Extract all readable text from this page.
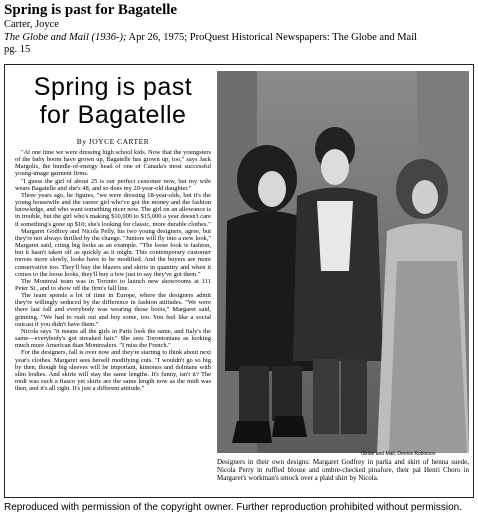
Spring is past for Bagatelle
Carter, Joyce
The Globe and Mail (1936-); Apr 26, 1975; ProQuest Historical Newspapers: The Globe and Mail
pg. 15
Spring is past
for Bagatelle
By JOYCE CARTER

"At one time we were dressing high school kids. Now that the youngsters of the baby boom have grown up, Bagatelle has grown up, too," says Jack Margolis, the bundle-of-energy head of one of Canada's most successful young-image garment firms.

"I guess the girl of about 25 is our perfect customer now, but my wife wears Bagatelle and she's 48, and so does my 20-year-old daughter."

Three years ago, he figures, "we were dressing 18-year-olds, but it's the young housewife and the career girl who've got the money and the fashion knowledge, and who want something nicer now. The girl on an allowance is in trouble, but the girl who's making $10,000 to $15,000 a year doesn't care if something's gone up $10; she's looking for classic, more durable clothes."

Margaret Godfrey and Nicola Pelly, his two young designers, agree, but they're not always thrilled by the change. "Juniors will fly into a new look," Margaret said, citing big looks as an example. "The loose look is fashion, but it hasn't taken off as quickly as it might. This contemporary customer moves more slowly, looks have to be modified. And the buyers are more conservative too. They'll buy the blazers and skirts in quantity and when it comes to the loose looks, they'll buy a few just to say they've got them."

The Montreal team was in Toronto to launch new showrooms at 111 Peter St., and to show off the firm's fall line.

The team spends a lot of time in Europe, where the designers admit they're willingly seduced by the difference in fashion attitudes. "We were there last fall and everybody was wearing those boots," Margaret said, grinning. "We had to rush out and buy some, too. You feel like a social outcast if you didn't have them."

Nicola says "it means all the girls in Paris look the same, and Italy's the same—everybody's got streaked hair." She sees Torontonians as looking much more American than Montrealers. "I miss the French."

For the designers, fall is over now and they're starting to think about next year's clothes. Margaret sees herself modifying cuts. "I wouldn't go so big by then, though big sleeves will be important, kimonos and dolmans with slim bodies. And skirts will stay the same lengths. It's funny, isn't it? The midi was such a fiasco yet skirts are the same length now as the midi was then, and it's all right. It's just a different attitude."

Globe and Mail, Dennis Robinson
Designers in their own designs: Margaret Godfrey in parka and skirt of henna suede, Nicola Perry in ruffled blouse and ombre-checked pinafore, their pal Henri Choro in Margaret's workman's smock over a plaid shirt by Nicola.
Reproduced with permission of the copyright owner. Further reproduction prohibited without permission.
